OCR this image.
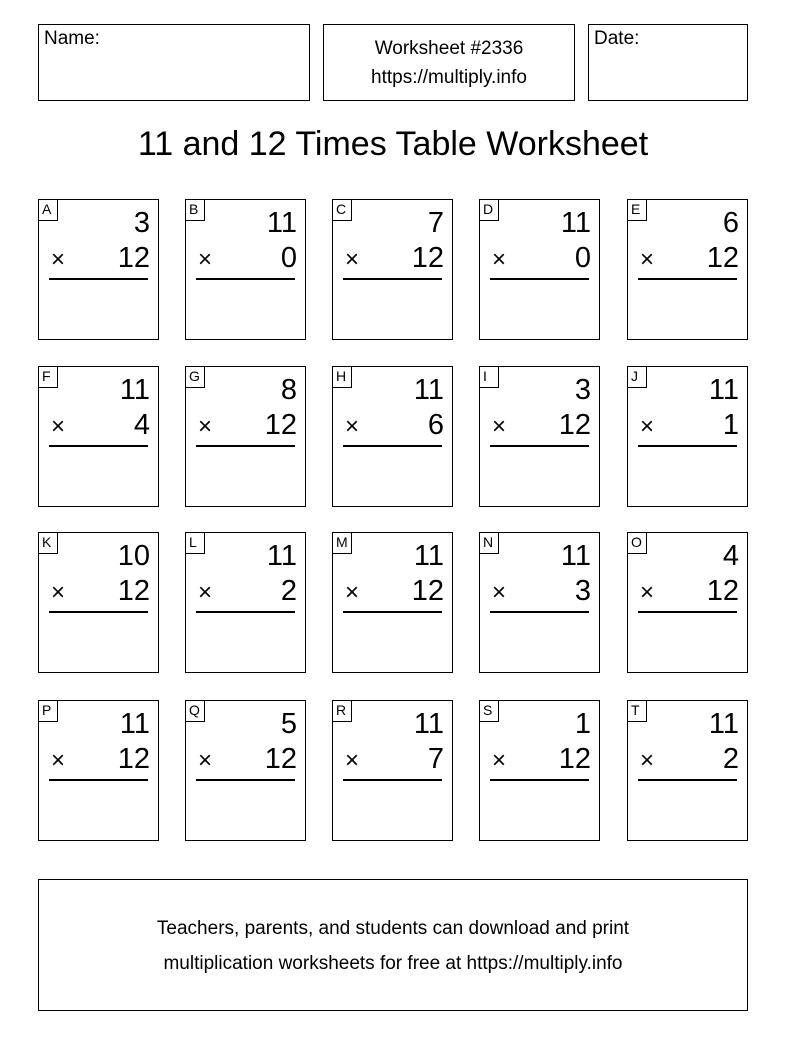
Name:	Worksheet #2336
https://multiply.info
Date:
11 and 12 Times Table Worksheet
A	3
× 12
B 11
× 0
C	7
× 12
D 11
× 0
E	6
× 12
F 11
× 4
G	8
× 12
H 11
× 6
I	3
× 12
J	11
× 1
K 10
× 12
L 11
× 2
M 11
× 12
N 11
× 3
O	4
× 12
P 11
× 12
Q	5
× 12
R 11
× 7
S	1
× 12
T 11
× 2
Teachers, parents, and students can download and print
multiplication worksheets for free at https://multiply.info
